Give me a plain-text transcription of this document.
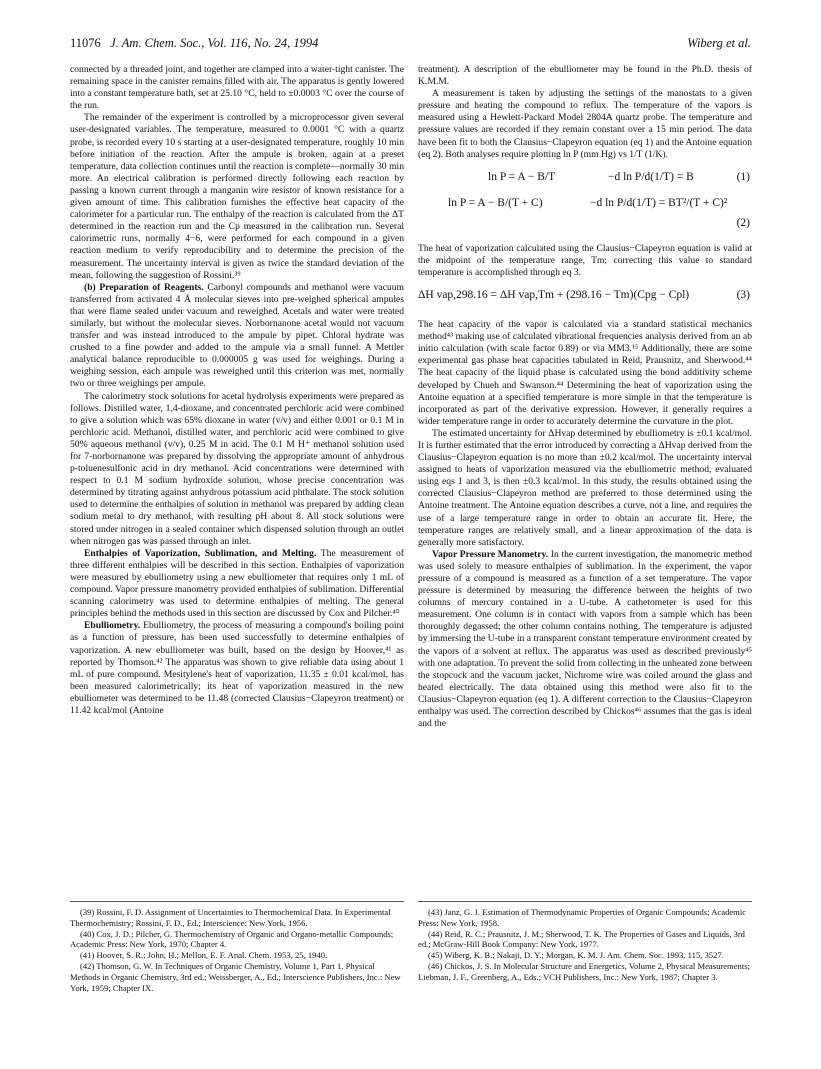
11076 J. Am. Chem. Soc., Vol. 116, No. 24, 1994	Wiberg et al.

connected by a threaded joint, and together are clamped into a water-tight canister. The remaining space in the canister remains filled with air. The apparatus is gently lowered into a constant temperature bath, set at 25.10 °C, held to ±0.0003 °C over the course of the run.

The remainder of the experiment is controlled by a microprocessor given several user-designated variables. The temperature, measured to 0.0001 °C with a quartz probe, is recorded every 10 s starting at a user-designated temperature, roughly 10 min before initiation of the reaction. After the ampule is broken, again at a preset temperature, data collection continues until the reaction is complete—normally 30 min more. An electrical calibration is performed directly following each reaction by passing a known current through a manganin wire resistor of known resistance for a given amount of time. This calibration furnishes the effective heat capacity of the calorimeter for a particular run. The enthalpy of the reaction is calculated from the ΔT determined in the reaction run and the Cp measured in the calibration run. Several calorimetric runs, normally 4−6, were performed for each compound in a given reaction medium to verify reproducibility and to determine the precision of the measurement. The uncertainty interval is given as twice the standard deviation of the mean, following the suggestion of Rossini.³⁹

(b) Preparation of Reagents. Carbonyl compounds and methanol were vacuum transferred from activated 4 Å molecular sieves into pre-weighed spherical ampules that were flame sealed under vacuum and reweighed. Acetals and water were treated similarly, but without the molecular sieves. Norbornanone acetal would not vacuum transfer and was instead introduced to the ampule by pipet. Chloral hydrate was crushed to a fine powder and added to the ampule via a small funnel. A Mettler analytical balance reproducible to 0.000005 g was used for weighings. During a weighing session, each ampule was reweighed until this criterion was met, normally two or three weighings per ampule.

The calorimetry stock solutions for acetal hydrolysis experiments were prepared as follows. Distilled water, 1,4-dioxane, and concentrated perchloric acid were combined to give a solution which was 65% dioxane in water (v/v) and either 0.001 or 0.1 M in perchloric acid. Methanol, distilled water, and perchloric acid were combined to give 50% aqueous methanol (v/v), 0.25 M in acid. The 0.1 M H⁺ methanol solution used for 7-norbornanone was prepared by dissolving the appropriate amount of anhydrous p-toluenesulfonic acid in dry methanol. Acid concentrations were determined with respect to 0.1 M sodium hydroxide solution, whose precise concentration was determined by titrating against anhydrous potassium acid phthalate. The stock solution used to determine the enthalpies of solution in methanol was prepared by adding clean sodium metal to dry methanol, with resulting pH about 8. All stock solutions were stored under nitrogen in a sealed container which dispensed solution through an outlet when nitrogen gas was passed through an inlet.

Enthalpies of Vaporization, Sublimation, and Melting. The measurement of three different enthalpies will be described in this section. Enthalpies of vaporization were measured by ebulliometry using a new ebulliometer that requires only 1 mL of compound. Vapor pressure manometry provided enthalpies of sublimation. Differential scanning calorimetry was used to determine enthalpies of melting. The general principles behind the methods used in this section are discussed by Cox and Pilcher.⁴⁰

Ebulliometry. Ebulliometry, the process of measuring a compound's boiling point as a function of pressure, has been used successfully to determine enthalpies of vaporization. A new ebulliometer was built, based on the design by Hoover,⁴¹ as reported by Thomson.⁴² The apparatus was shown to give reliable data using about 1 mL of pure compound. Mesitylene's heat of vaporization, 11.35 ± 0.01 kcal/mol, has been measured calorimetrically; its heat of vaporization measured in the new ebulliometer was determined to be 11.48 (corrected Clausius−Clapeyron treatment) or 11.42 kcal/mol (Antoine

treatment). A description of the ebulliometer may be found in the Ph.D. thesis of K.M.M.

A measurement is taken by adjusting the settings of the manostats to a given pressure and heating the compound to reflux. The temperature of the vapors is measured using a Hewlett-Packard Model 2804A quartz probe. The temperature and pressure values are recorded if they remain constant over a 15 min period. The data have been fit to both the Clausius−Clapeyron equation (eq 1) and the Antoine equation (eq 2). Both analyses require plotting ln P (mm Hg) vs 1/T (1/K).

ln P = A − B/T	−d ln P/d(1/T) = B	(1)
ln P = A − B/(T + C)	−d ln P/d(1/T) = BT²/(T + C)²
(2)

The heat of vaporization calculated using the Clausius−Clapeyron equation is valid at the midpoint of the temperature range, Tm; correcting this value to standard temperature is accomplished through eq 3.

ΔH vap,298.16 = ΔH vap,Tm + (298.16 − Tm)(Cpg − Cpl)	(3)

The heat capacity of the vapor is calculated via a standard statistical mechanics method⁴³ making use of calculated vibrational frequencies analysis derived from an ab initio calculation (with scale factor 0.89) or via MM3.¹⁵ Additionally, there are some experimental gas phase heat capacities tabulated in Reid, Prausnitz, and Sherwood.⁴⁴ The heat capacity of the liquid phase is calculated using the bond additivity scheme developed by Chueh and Swanson.⁴⁴ Determining the heat of vaporization using the Antoine equation at a specified temperature is more simple in that the temperature is incorporated as part of the derivative expression. However, it generally requires a wider temperature range in order to accurately determine the curvature in the plot.

The estimated uncertainty for ΔHvap determined by ebulliometry is ±0.1 kcal/mol. It is further estimated that the error introduced by correcting a ΔHvap derived from the Clausius−Clapeyron equation is no more than ±0.2 kcal/mol. The uncertainty interval assigned to heats of vaporization measured via the ebulliometric method, evaluated using eqs 1 and 3, is then ±0.3 kcal/mol. In this study, the results obtained using the corrected Clausius−Clapeyron method are preferred to those determined using the Antoine treatment. The Antoine equation describes a curve, not a line, and requires the use of a large temperature range in order to obtain an accurate fit. Here, the temperature ranges are relatively small, and a linear approximation of the data is generally more satisfactory.

Vapor Pressure Manometry. In the current investigation, the manometric method was used solely to measure enthalpies of sublimation. In the experiment, the vapor pressure of a compound is measured as a function of a set temperature. The vapor pressure is determined by measuring the difference between the heights of two columns of mercury contained in a U-tube. A cathetometer is used for this measurement. One column is in contact with vapors from a sample which has been thoroughly degassed; the other column contains nothing. The temperature is adjusted by immersing the U-tube in a transparent constant temperature environment created by the vapors of a solvent at reflux. The apparatus was used as described previously⁴⁵ with one adaptation. To prevent the solid from collecting in the unheated zone between the stopcock and the vacuum jacket, Nichrome wire was coiled around the glass and heated electrically. The data obtained using this method were also fit to the Clausius−Clapeyron equation (eq 1). A different correction to the Clausius−Clapeyron enthalpy was used. The correction described by Chickos⁴⁶ assumes that the gas is ideal and the

(39) Rossini, F. D. Assignment of Uncertainties to Thermochemical Data. In Experimental Thermochemistry; Rossini, F. D., Ed.; Interscience: New York, 1956.

(40) Cox, J. D.; Pilcher, G. Thermochemistry of Organic and Organo-metallic Compounds; Academic Press: New York, 1970; Chapter 4.

(41) Hoover, S. R.; John, H.; Mellon, E. F. Anal. Chem. 1953, 25, 1940.

(42) Thomson, G. W. In Techniques of Organic Chemistry, Volume 1, Part 1. Physical Methods in Organic Chemistry, 3rd ed.; Weissberger, A., Ed.; Interscience Publishers, Inc.: New York, 1959; Chapter IX.

(43) Janz, G. J. Estimation of Thermodynamic Properties of Organic Compounds; Academic Press: New York, 1958.

(44) Reid, R. C.; Prausnitz, J. M.; Sherwood, T. K. The Properties of Gases and Liquids, 3rd ed.; McGraw-Hill Book Company: New York, 1977.

(45) Wiberg, K. B.; Nakaji, D. Y.; Morgan, K. M. J. Am. Chem. Soc. 1993, 115, 3527.

(46) Chickos, J. S. In Molecular Structure and Energetics, Volume 2, Physical Measurements; Liebman, J. F., Greenberg, A., Eds.; VCH Publishers, Inc.: New York, 1987; Chapter 3.
